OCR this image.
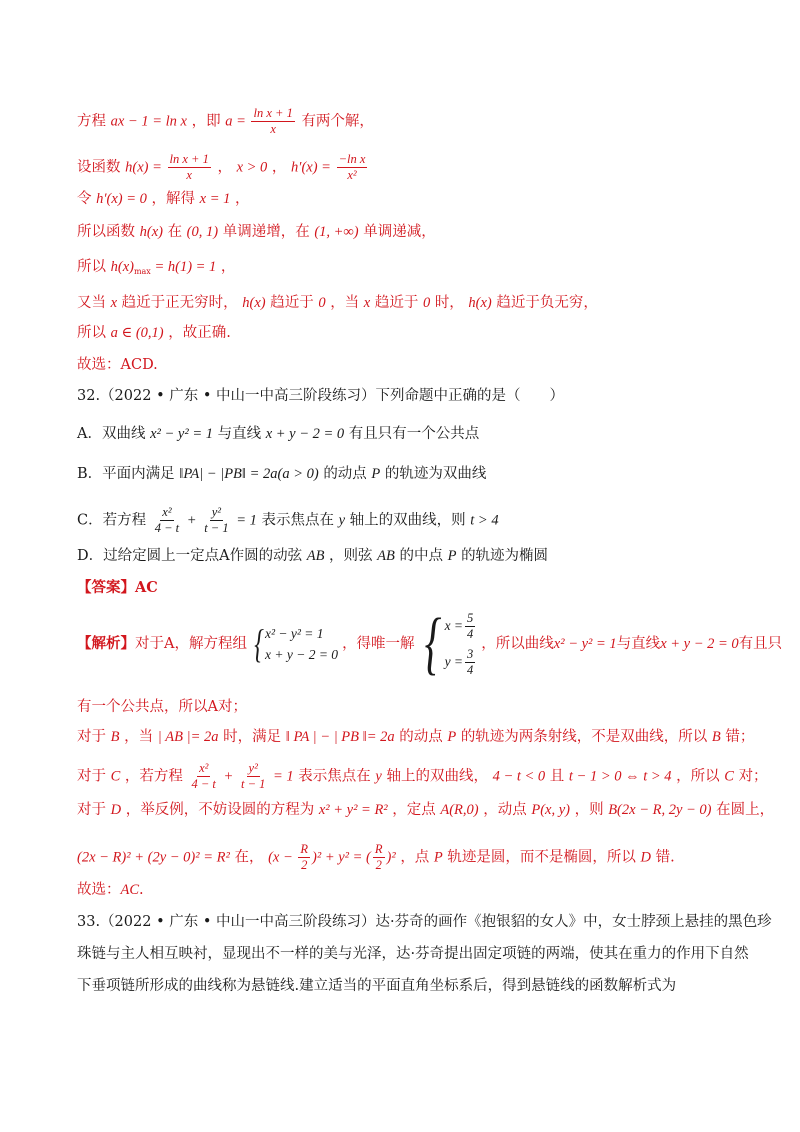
方程 ax − 1 = ln x ，即 $a = \frac{\text{ln x + 1}}{x}$ 有两个解，
设函数 $h(x) = \frac{\text{ln x + 1}}{x}$ ， x > 0 ， $h'(x) = \frac{\text{−ln x}}{\text{x²}}$
令 h′(x) = 0 ，解得 x = 1 ，
所以函数 h(x) 在 (0, 1) 单调递增，在 (1, +∞) 单调递减，
所以 $h(x)_{max} = h(1) = 1$ ，
又当 x 趋近于正无穷时， h(x) 趋近于 0 ，当 x 趋近于 0 时， h(x) 趋近于负无穷，
所以 a ∈ (0,1) ，故正确.
故选：ACD.
32.（2022 • 广东 • 中山一中高三阶段练习）下列命题中正确的是（　　）
A．双曲线 x² − y² = 1 与直线 x + y − 2 = 0 有且只有一个公共点
B．平面内满足 ‖PA| − |PB‖ = 2a(a > 0) 的动点 P 的轨迹为双曲线
C．若方程 $\frac{\text{x²}}{4 - t} + \frac{\text{y²}}{t - 1} = 1$ 表示焦点在 y 轴上的双曲线，则 t > 4
D．过给定圆上一定点A作圆的动弦 AB ，则弦 AB 的中点 P 的轨迹为椭圆
【答案】AC
【解析】 对于A，解方程组 { x² − y² = 1
x + y − 2 = 0
，得唯一解 { $x = \frac{5}{4}$
$y = \frac{3}{4}$
，所以曲线 x² − y² = 1 与直线 x + y − 2 = 0 有且只
有一个公共点，所以A对；
对于 B ，当 | AB |= 2a 时，满足 ‖ PA | − | PB ‖= 2a 的动点 P 的轨迹为两条射线，不是双曲线，所以 B 错；
对于 C ，若方程 $\frac{\text{x²}}{4 - t} + \frac{\text{y²}}{t - 1} = 1$ 表示焦点在 y 轴上的双曲线， 4 − t < 0 且 t − 1 > 0 ⇔ t > 4 ，所以 C 对；
对于 D ，举反例，不妨设圆的方程为 x² + y² = R² ，定点 A(R,0) ，动点 P(x, y) ，则 B(2x − R, 2y − 0) 在圆上，
(2x − R)² + (2y − 0)² = R² 在， $(x - \frac{R}{2} )^2 + y^2$ = ( $\frac{R}{2} )^2$ ，点 P 轨迹是圆，而不是椭圆，所以 D 错.
故选：AC.
33.（2022 • 广东 • 中山一中高三阶段练习）达·芬奇的画作《抱银貂的女人》中，女士脖颈上悬挂的黑色珍
珠链与主人相互映衬，显现出不一样的美与光泽，达·芬奇提出固定项链的两端，使其在重力的作用下自然
下垂项链所形成的曲线称为悬链线.建立适当的平面直角坐标系后，得到悬链线的函数解析式为
